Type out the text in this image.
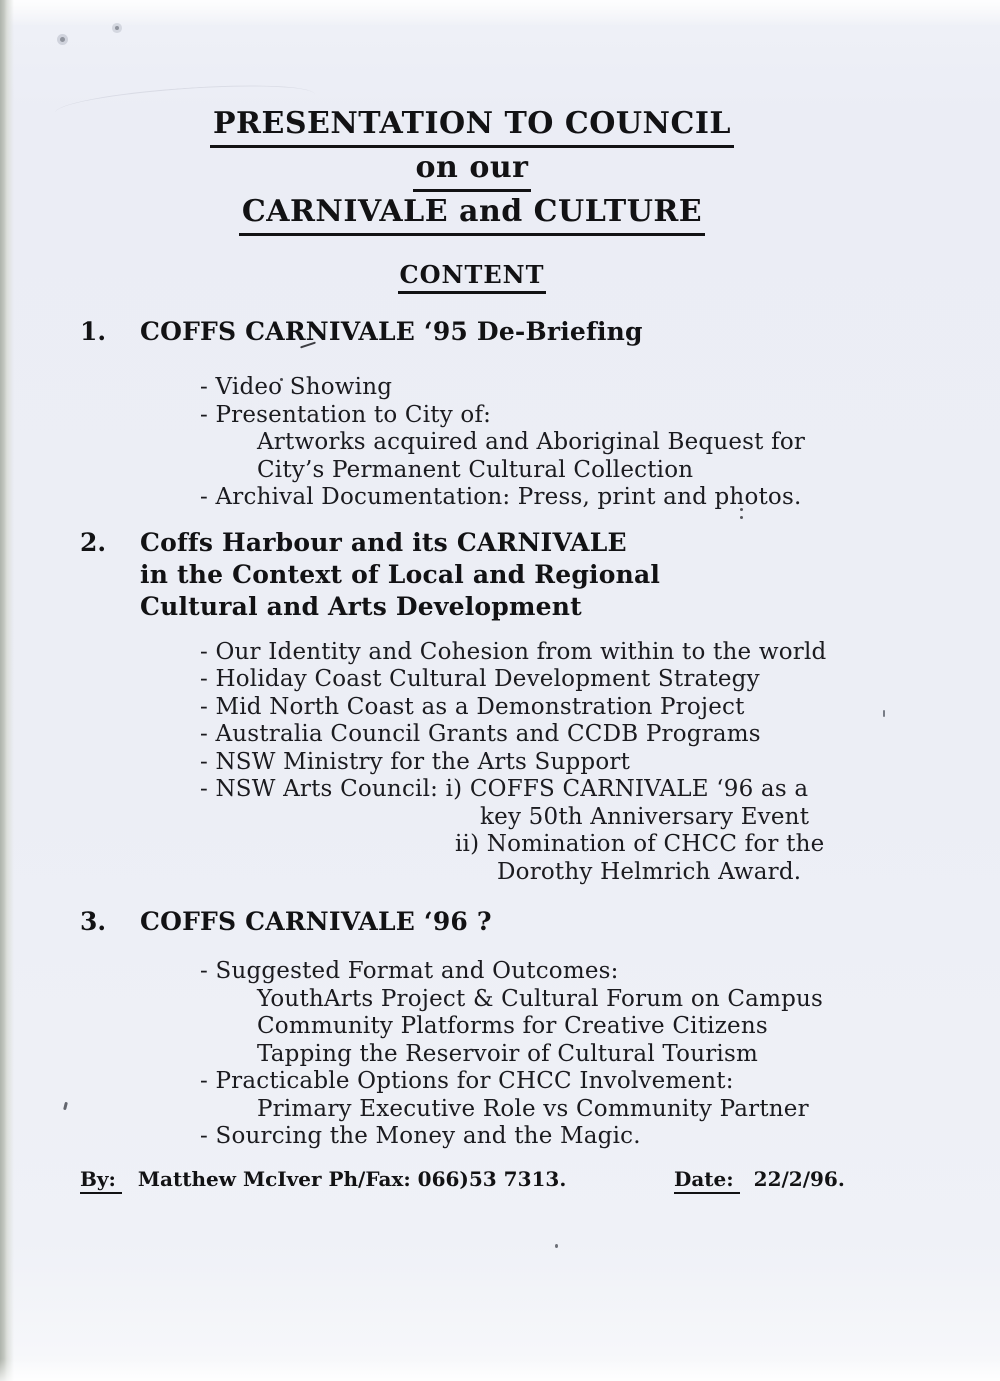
PRESENTATION TO COUNCIL
on our
CARNIVALE and CULTURE
CONTENT
1. COFFS CARNIVALE ‘95 De-Briefing
- Video Showing
- Presentation to City of:
Artworks acquired and Aboriginal Bequest for
City’s Permanent Cultural Collection
- Archival Documentation: Press, print and photos.
2. Coffs Harbour and its CARNIVALE
in the Context of Local and Regional
Cultural and Arts Development
- Our Identity and Cohesion from within to the world
- Holiday Coast Cultural Development Strategy
- Mid North Coast as a Demonstration Project
- Australia Council Grants and CCDB Programs
- NSW Ministry for the Arts Support
- NSW Arts Council: i) COFFS CARNIVALE ‘96 as a
key 50th Anniversary Event
ii) Nomination of CHCC for the
Dorothy Helmrich Award.
3. COFFS CARNIVALE ‘96 ?
- Suggested Format and Outcomes:
YouthArts Project & Cultural Forum on Campus
Community Platforms for Creative Citizens
Tapping the Reservoir of Cultural Tourism
- Practicable Options for CHCC Involvement:
Primary Executive Role vs Community Partner
- Sourcing the Money and the Magic.
By: Matthew McIver Ph/Fax: 066)53 7313.	Date: 22/2/96.
